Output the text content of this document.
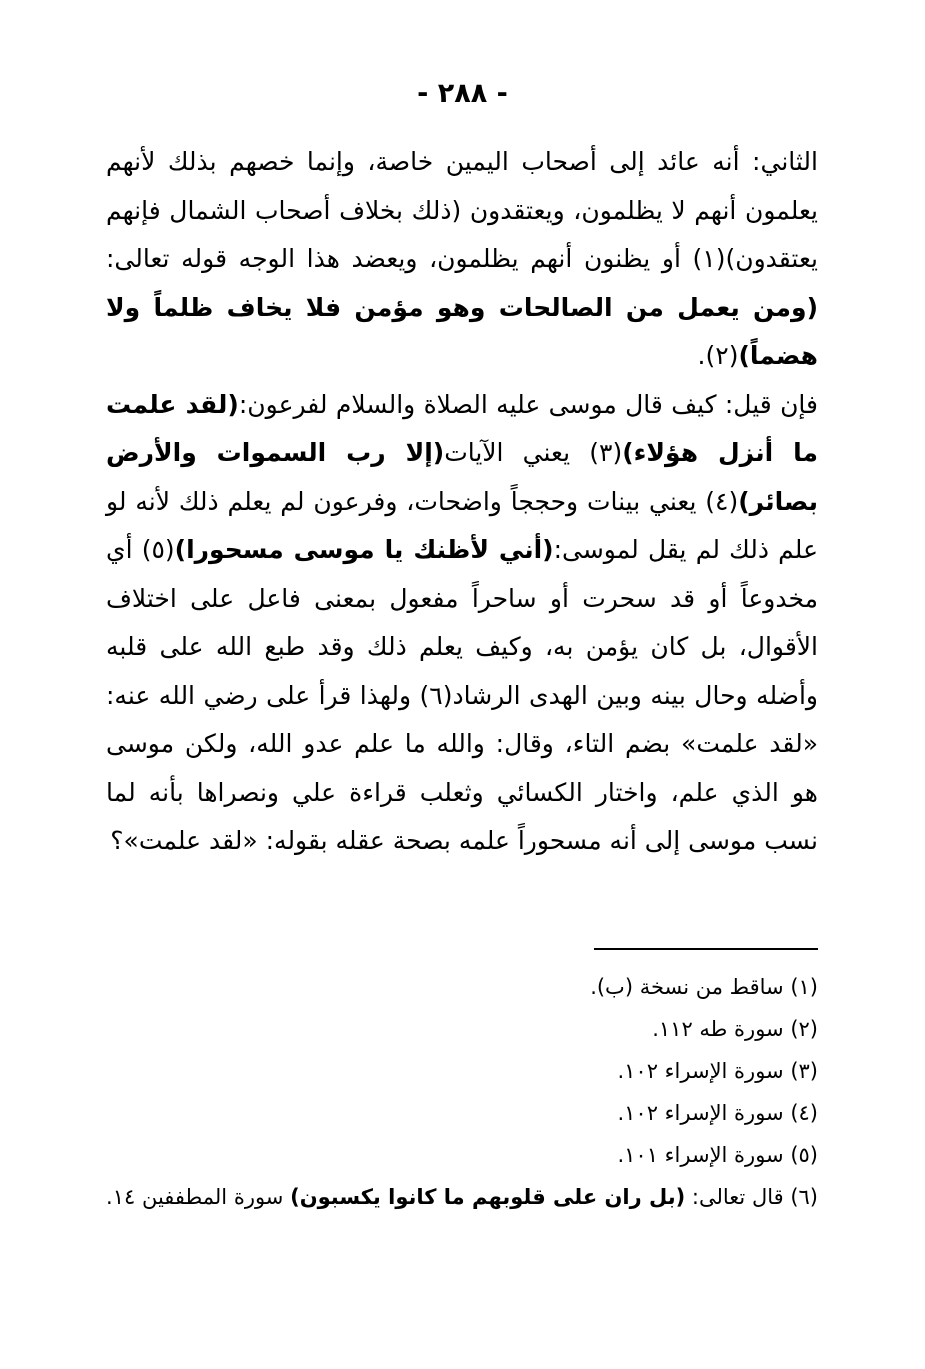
- ٢٨٨ -

الثاني: أنه عائد إلى أصحاب اليمين خاصة، وإنما خصهم بذلك لأنهم يعلمون أنهم لا يظلمون، ويعتقدون (ذلك بخلاف أصحاب الشمال فإنهم يعتقدون)(١) أو يظنون أنهم يظلمون، ويعضد هذا الوجه قوله تعالى:(ومن يعمل من الصالحات وهو مؤمن فلا يخاف ظلماً ولا هضماً)(٢).

فإن قيل: كيف قال موسى عليه الصلاة والسلام لفرعون:(لقد علمت ما أنزل هؤلاء)(٣) يعني الآيات(إلا رب السموات والأرض بصائر)(٤) يعني بينات وحججاً واضحات، وفرعون لم يعلم ذلك لأنه لو علم ذلك لم يقل لموسى:(أني لأظنك يا موسى مسحورا)(٥) أي مخدوعاً أو قد سحرت أو ساحراً مفعول بمعنى فاعل على اختلاف الأقوال، بل كان يؤمن به، وكيف يعلم ذلك وقد طبع الله على قلبه وأضله وحال بينه وبين الهدى الرشاد(٦) ولهذا قرأ على رضي الله عنه: «لقد علمت» بضم التاء، وقال: والله ما علم عدو الله، ولكن موسى هو الذي علم، واختار الكسائي وثعلب قراءة علي ونصراها بأنه لما نسب موسى إلى أنه مسحوراً علمه بصحة عقله بقوله: «لقد علمت»؟

(١) ساقط من نسخة (ب).

(٢) سورة طه ١١٢.

(٣) سورة الإسراء ١٠٢.

(٤) سورة الإسراء ١٠٢.

(٥) سورة الإسراء ١٠١.

(٦) قال تعالى: (بل ران على قلوبهم ما كانوا يكسبون) سورة المطففين ١٤.
